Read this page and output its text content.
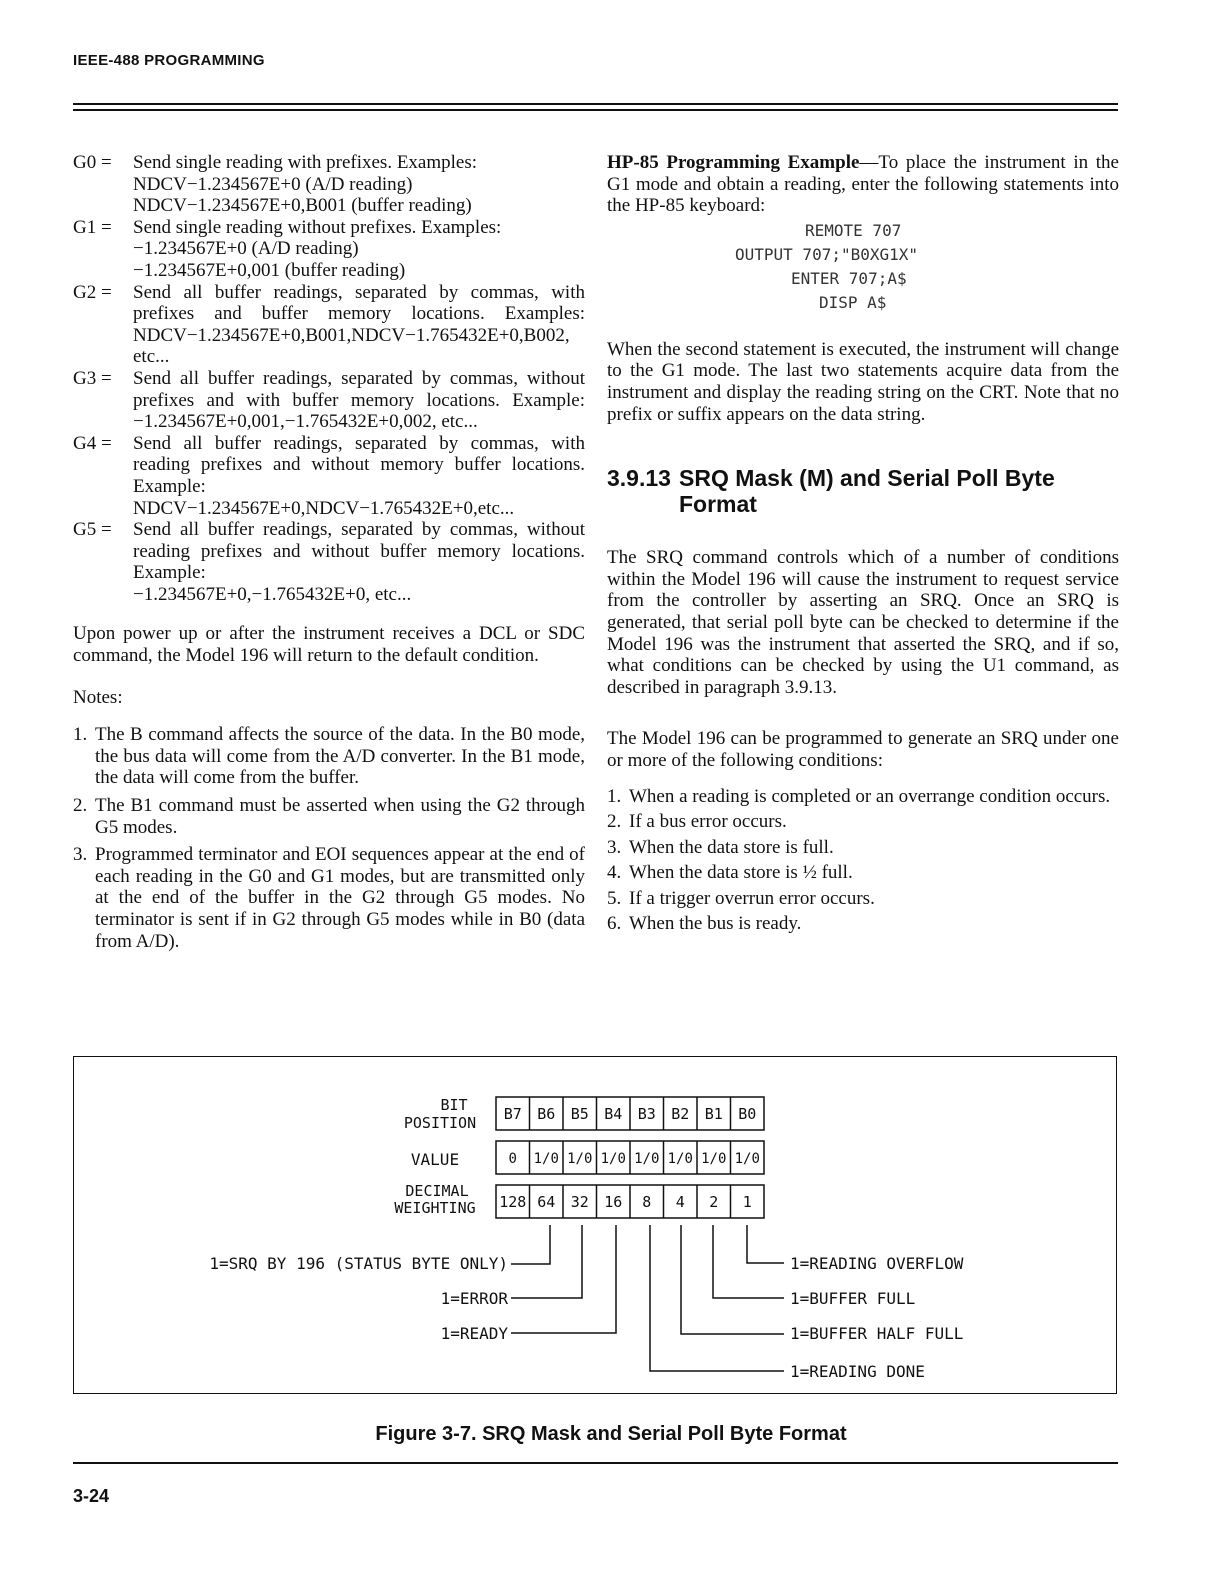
IEEE-488 PROGRAMMING
G0 =	Send single reading with prefixes. Examples:
NDCV−1.234567E+0 (A/D reading)
NDCV−1.234567E+0,B001 (buffer reading)
G1 =	Send single reading without prefixes. Examples:
−1.234567E+0 (A/D reading)
−1.234567E+0,001 (buffer reading)
G2 =	Send all buffer readings, separated by commas, with prefixes and buffer memory locations. Examples: NDCV−1.234567E+0,B001,NDCV−1.765432E+0,B002, etc...
G3 =	Send all buffer readings, separated by commas, without prefixes and with buffer memory locations. Example: −1.234567E+0,001,−1.765432E+0,002, etc...
G4 =	Send all buffer readings, separated by commas, with reading prefixes and without memory buffer locations. Example:
NDCV−1.234567E+0,NDCV−1.765432E+0,etc...
G5 =	Send all buffer readings, separated by commas, without reading prefixes and without buffer memory locations. Example:
−1.234567E+0,−1.765432E+0, etc...

Upon power up or after the instrument receives a DCL or SDC command, the Model 196 will return to the default condition.

Notes:

1. The B command affects the source of the data. In the B0 mode, the bus data will come from the A/D converter. In the B1 mode, the data will come from the buffer.
2. The B1 command must be asserted when using the G2 through G5 modes.
3. Programmed terminator and EOI sequences appear at the end of each reading in the G0 and G1 modes, but are transmitted only at the end of the buffer in the G2 through G5 modes. No terminator is sent if in G2 through G5 modes while in B0 (data from A/D).

HP-85 Programming Example—To place the instrument in the G1 mode and obtain a reading, enter the following statements into the HP-85 keyboard:

REMOTE 707
OUTPUT 707;"B0XG1X"
ENTER 707;A$
DISP A$

When the second statement is executed, the instrument will change to the G1 mode. The last two statements acquire data from the instrument and display the reading string on the CRT. Note that no prefix or suffix appears on the data string.

3.9.13 SRQ Mask (M) and Serial Poll Byte
Format

The SRQ command controls which of a number of conditions within the Model 196 will cause the instrument to request service from the controller by asserting an SRQ. Once an SRQ is generated, that serial poll byte can be checked to determine if the Model 196 was the instrument that asserted the SRQ, and if so, what conditions can be checked by using the U1 command, as described in paragraph 3.9.13.

The Model 196 can be programmed to generate an SRQ under one or more of the following conditions:

1. When a reading is completed or an overrange condition occurs.
2. If a bus error occurs.
3. When the data store is full.
4. When the data store is ½ full.
5. If a trigger overrun error occurs.
6. When the bus is ready.
BIT
POSITION
VALUE
DECIMAL
WEIGHTING
B7 B6 B5 B4 B3 B2 B1 B0
0 1/0 1/0 1/0 1/0 1/0 1/0 1/0
128 64 32 16 8 4 2 1
1=SRQ BY 196 (STATUS BYTE ONLY)
1=ERROR
1=READY
1=READING OVERFLOW
1=BUFFER FULL
1=BUFFER HALF FULL
1=READING DONE
Figure 3-7. SRQ Mask and Serial Poll Byte Format
3-24
